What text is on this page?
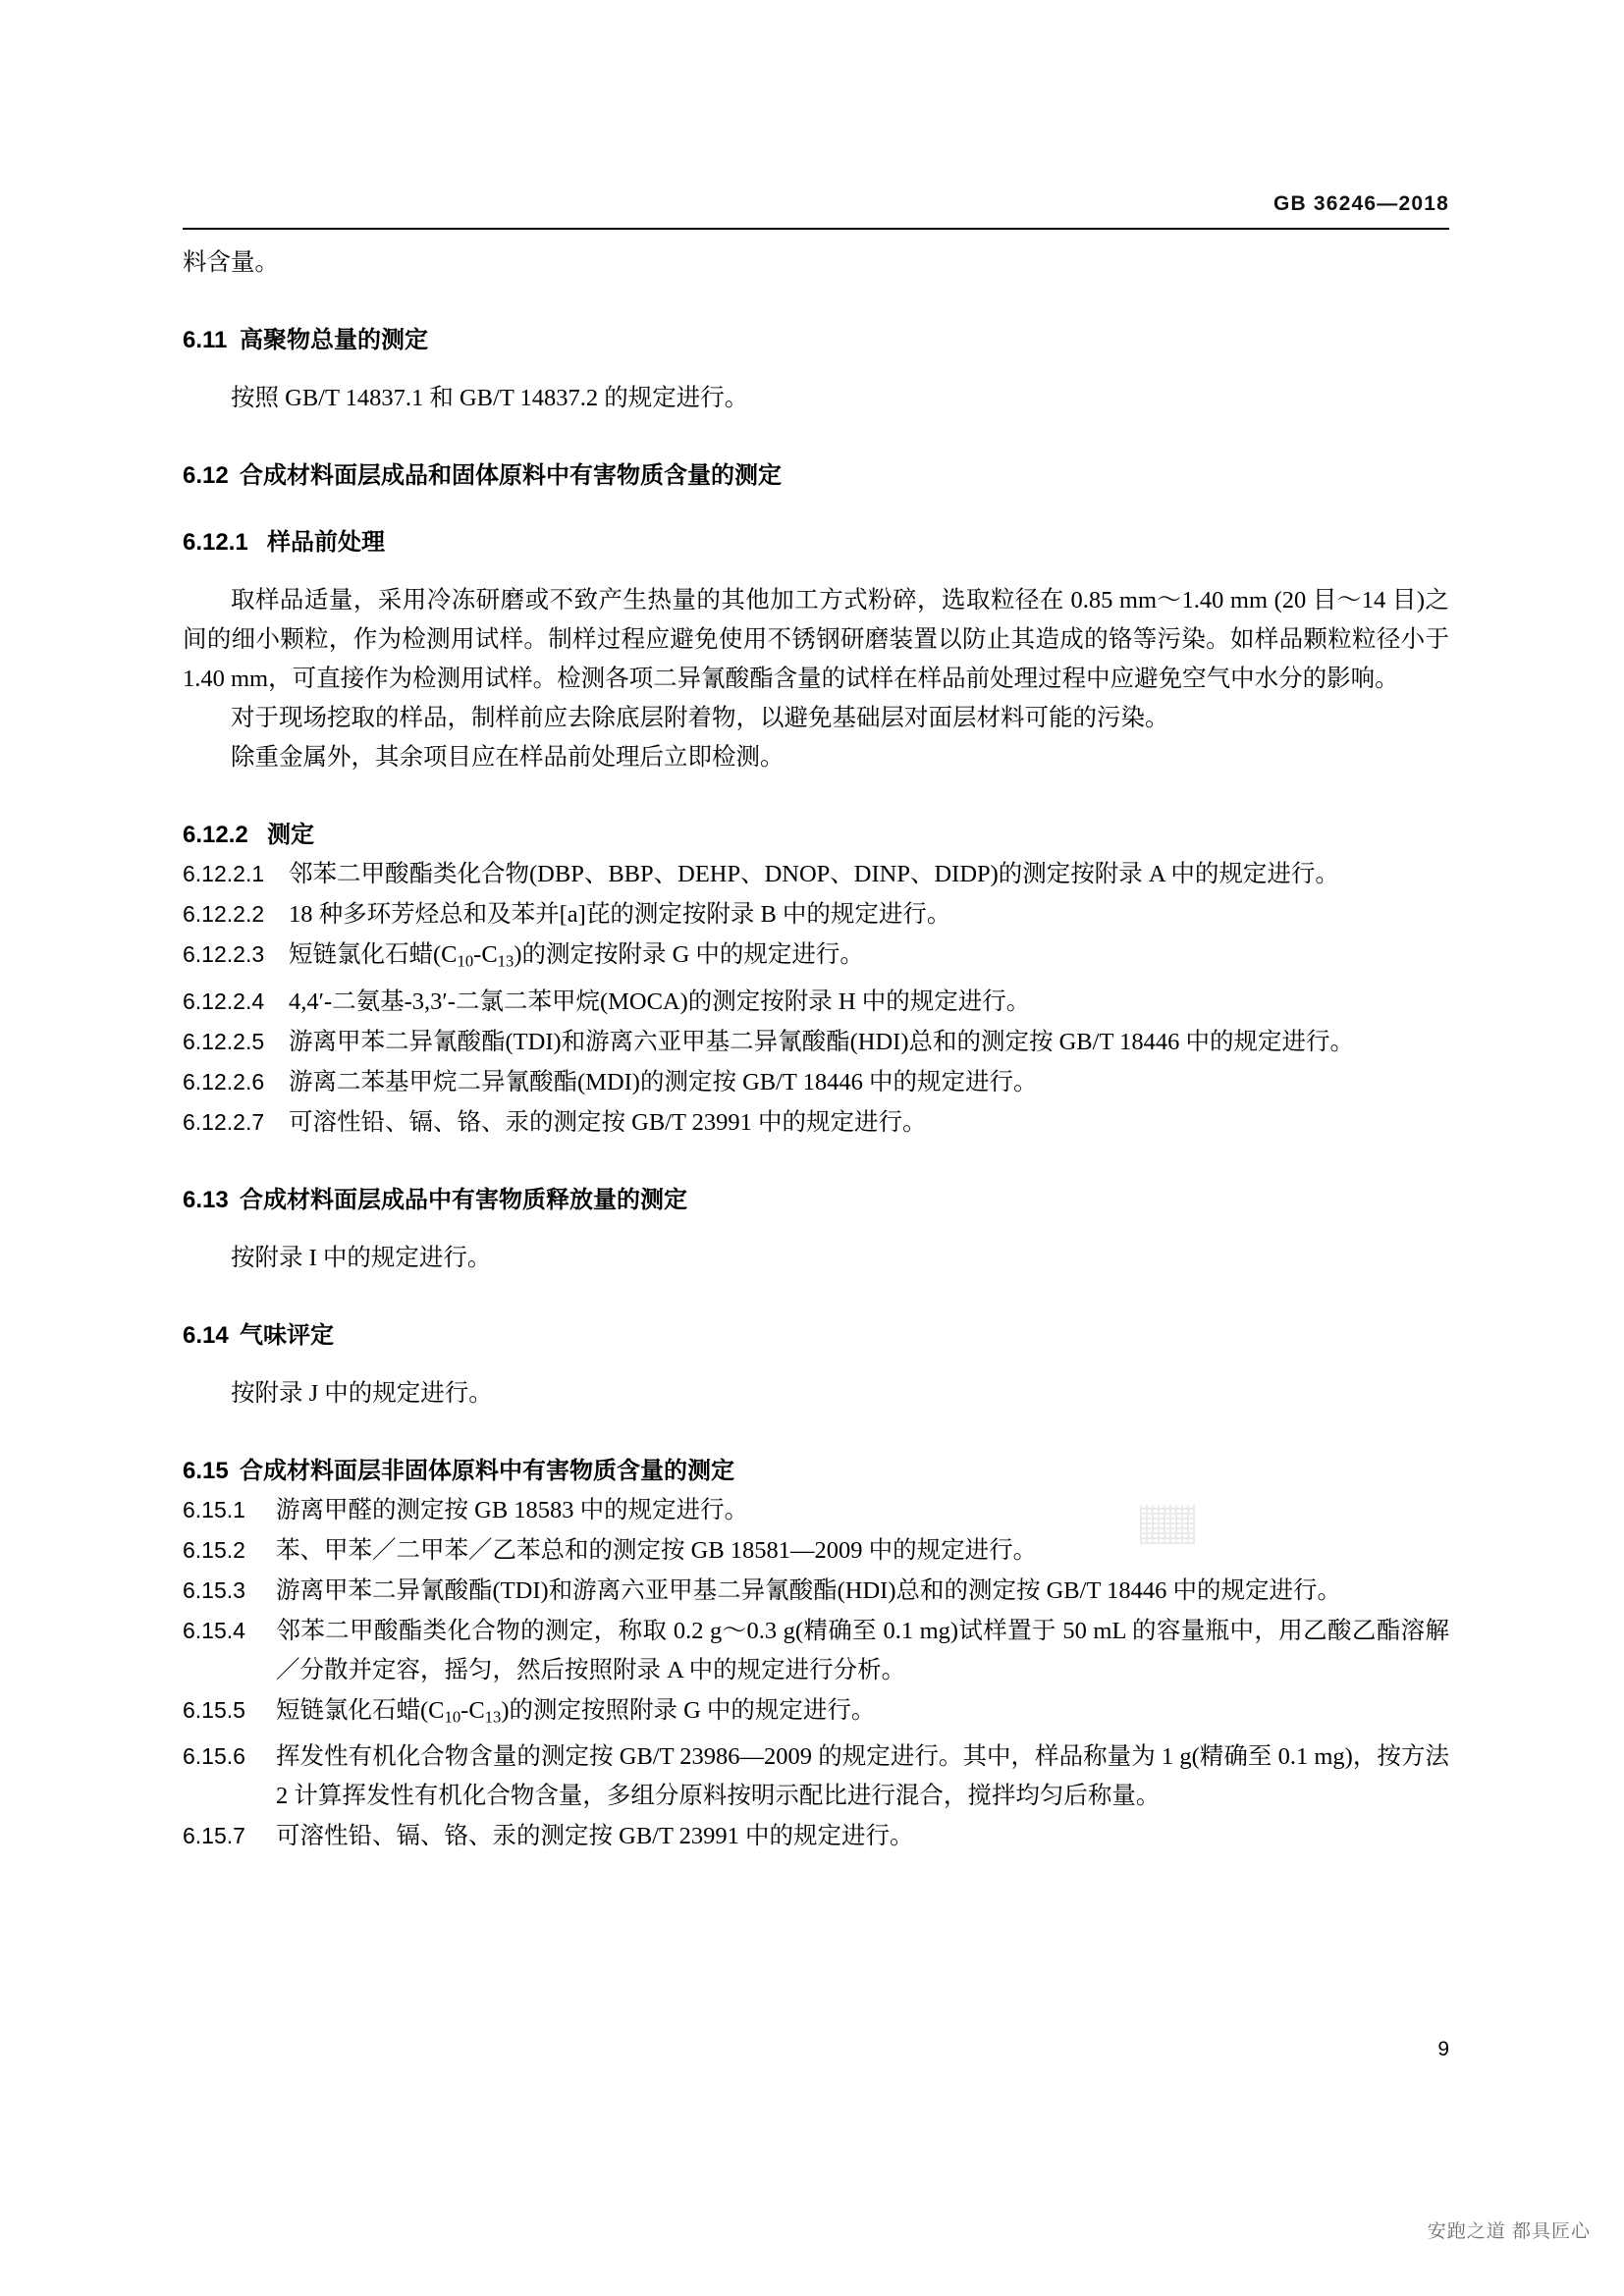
GB 36246—2018

料含量。

6.11 高聚物总量的测定

按照 GB/T 14837.1 和 GB/T 14837.2 的规定进行。

6.12 合成材料面层成品和固体原料中有害物质含量的测定

6.12.1 样品前处理

取样品适量，采用冷冻研磨或不致产生热量的其他加工方式粉碎，选取粒径在 0.85 mm～1.40 mm (20 目～14 目)之间的细小颗粒，作为检测用试样。制样过程应避免使用不锈钢研磨装置以防止其造成的铬等污染。如样品颗粒粒径小于 1.40 mm，可直接作为检测用试样。检测各项二异氰酸酯含量的试样在样品前处理过程中应避免空气中水分的影响。

对于现场挖取的样品，制样前应去除底层附着物，以避免基础层对面层材料可能的污染。

除重金属外，其余项目应在样品前处理后立即检测。

6.12.2 测定

6.12.2.1 邻苯二甲酸酯类化合物(DBP、BBP、DEHP、DNOP、DINP、DIDP)的测定按附录 A 中的规定进行。

6.12.2.2 18 种多环芳烃总和及苯并[a]芘的测定按附录 B 中的规定进行。

6.12.2.3 短链氯化石蜡$(C_{10}-C_{13})$的测定按附录 G 中的规定进行。

6.12.2.4 4,4′-二氨基-3,3′-二氯二苯甲烷(MOCA)的测定按附录 H 中的规定进行。

6.12.2.5 游离甲苯二异氰酸酯(TDI)和游离六亚甲基二异氰酸酯(HDI)总和的测定按 GB/T 18446 中的规定进行。

6.12.2.6 游离二苯基甲烷二异氰酸酯(MDI)的测定按 GB/T 18446 中的规定进行。

6.12.2.7 可溶性铅、镉、铬、汞的测定按 GB/T 23991 中的规定进行。

6.13 合成材料面层成品中有害物质释放量的测定

按附录 I 中的规定进行。

6.14 气味评定

按附录 J 中的规定进行。

6.15 合成材料面层非固体原料中有害物质含量的测定

6.15.1 游离甲醛的测定按 GB 18583 中的规定进行。

6.15.2 苯、甲苯／二甲苯／乙苯总和的测定按 GB 18581—2009 中的规定进行。

6.15.3 游离甲苯二异氰酸酯(TDI)和游离六亚甲基二异氰酸酯(HDI)总和的测定按 GB/T 18446 中的规定进行。

6.15.4 邻苯二甲酸酯类化合物的测定，称取 0.2 g～0.3 g(精确至 0.1 mg)试样置于 50 mL 的容量瓶中，用乙酸乙酯溶解／分散并定容，摇匀，然后按照附录 A 中的规定进行分析。

6.15.5 短链氯化石蜡$(C_{10}-C_{13})$的测定按照附录 G 中的规定进行。

6.15.6 挥发性有机化合物含量的测定按 GB/T 23986—2009 的规定进行。其中，样品称量为 1 g(精确至 0.1 mg)，按方法 2 计算挥发性有机化合物含量，多组分原料按明示配比进行混合，搅拌均匀后称量。

6.15.7 可溶性铅、镉、铬、汞的测定按 GB/T 23991 中的规定进行。

9
安跑之道 都具匠心
